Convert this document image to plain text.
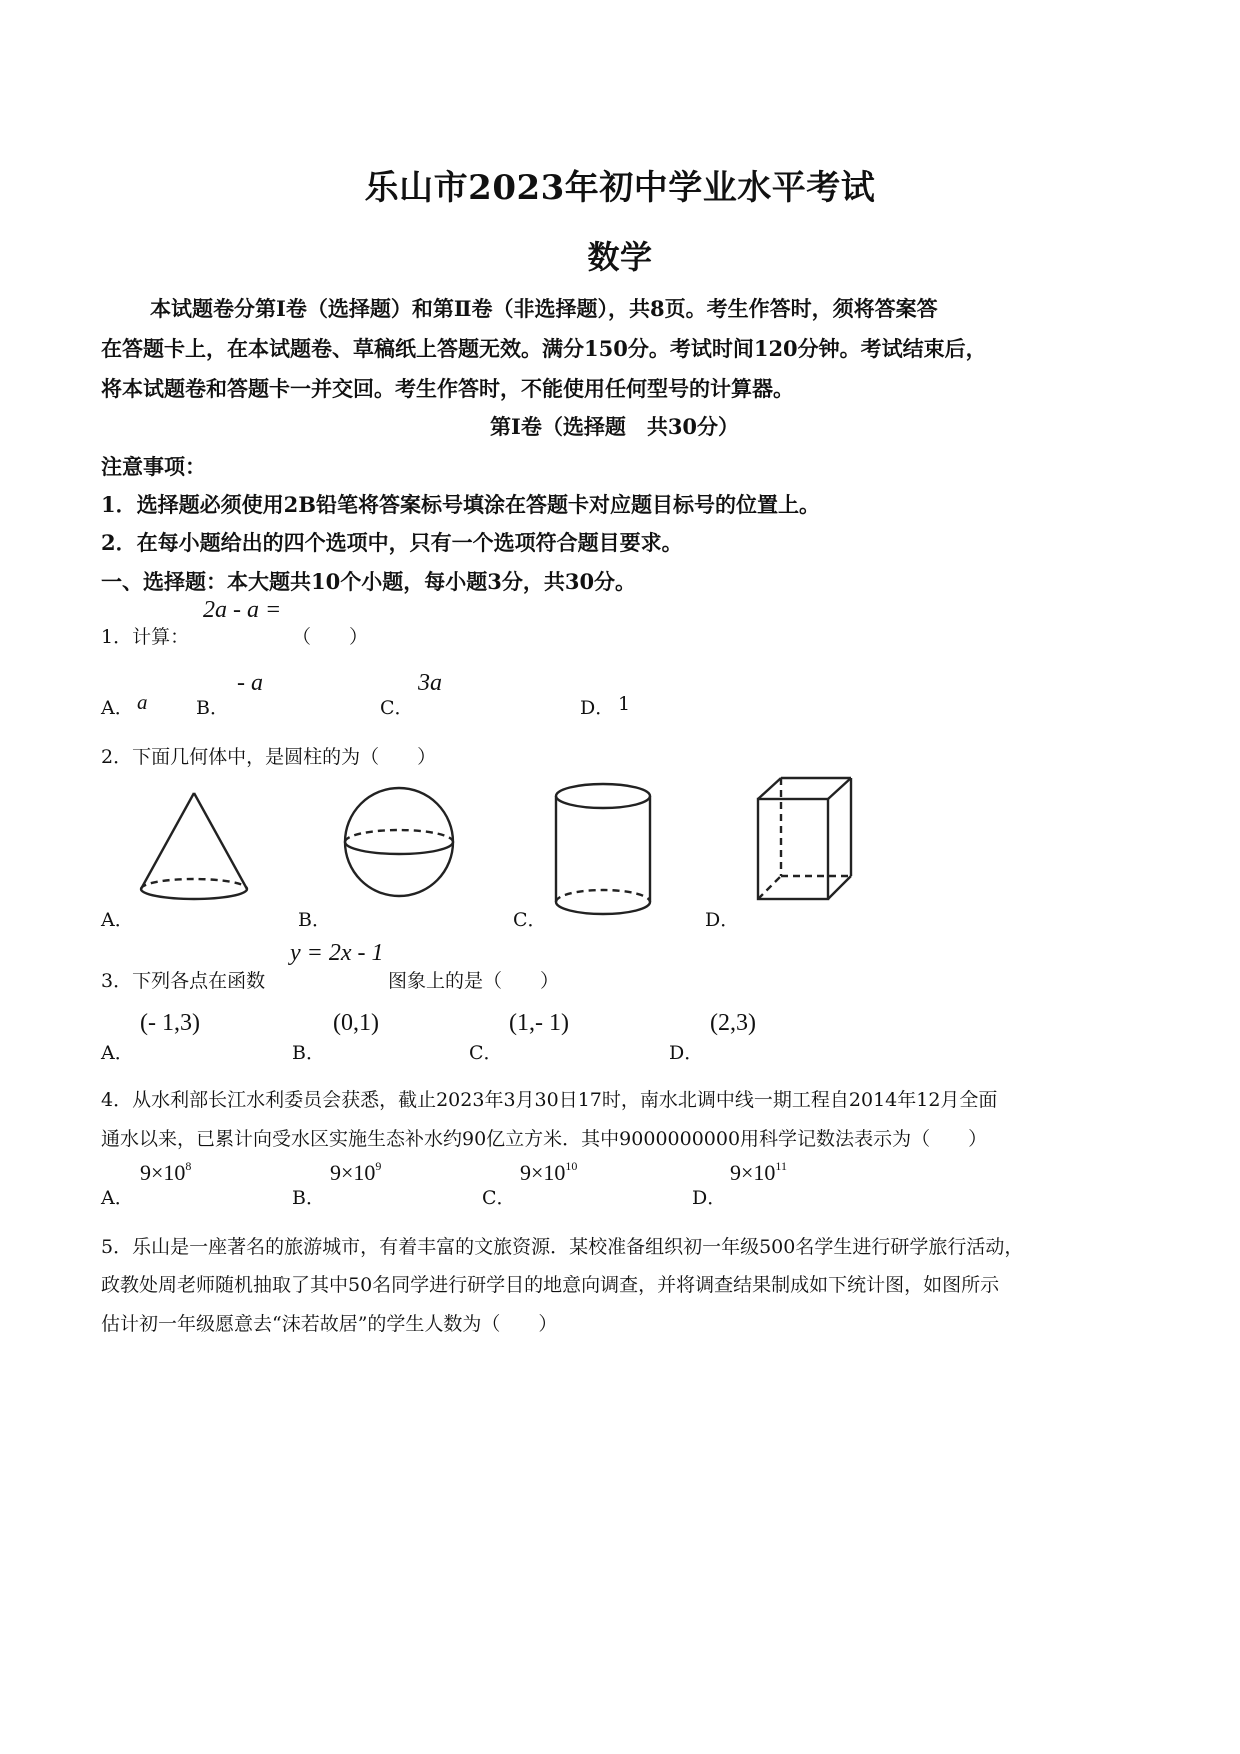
乐山市2023年初中学业水平考试
数学
本试题卷分第Ⅰ卷（选择题）和第Ⅱ卷（非选择题），共8页。考生作答时，须将答案答
在答题卡上，在本试题卷、草稿纸上答题无效。满分150分。考试时间120分钟。考试结束后，
将本试题卷和答题卡一并交回。考生作答时，不能使用任何型号的计算器。
第Ⅰ卷（选择题　共30分）
注意事项：
1．选择题必须使用2B铅笔将答案标号填涂在答题卡对应题目标号的位置上。
2．在每小题给出的四个选项中，只有一个选项符合题目要求。
一、选择题：本大题共10个小题，每小题3分，共30分。
1．计算：
2a - a =
（　　）
A． a	B．
- a
C．
3a
D． 1
2．下面几何体中，是圆柱的为（　　）
A．	B．	C．	D．
3．下列各点在函数
y = 2x - 1
图象上的是（　　）
A．
(- 1,3)
B．
(0,1)
C．
(1,- 1)
D．
(2,3)
4．从水利部长江水利委员会获悉，截止2023年3月30日17时，南水北调中线一期工程自2014年12月全面
通水以来，已累计向受水区实施生态补水约90亿立方米．其中9000000000用科学记数法表示为（　　）
A．
$9\times 10^8$
B．
$9\times 10^9$
C．
$9\times 10^{10}$
D．
$9\times 10^{11}$
5．乐山是一座著名的旅游城市，有着丰富的文旅资源．某校准备组织初一年级500名学生进行研学旅行活动，
政教处周老师随机抽取了其中50名同学进行研学目的地意向调查，并将调查结果制成如下统计图，如图所示
估计初一年级愿意去“沫若故居”的学生人数为（　　）
